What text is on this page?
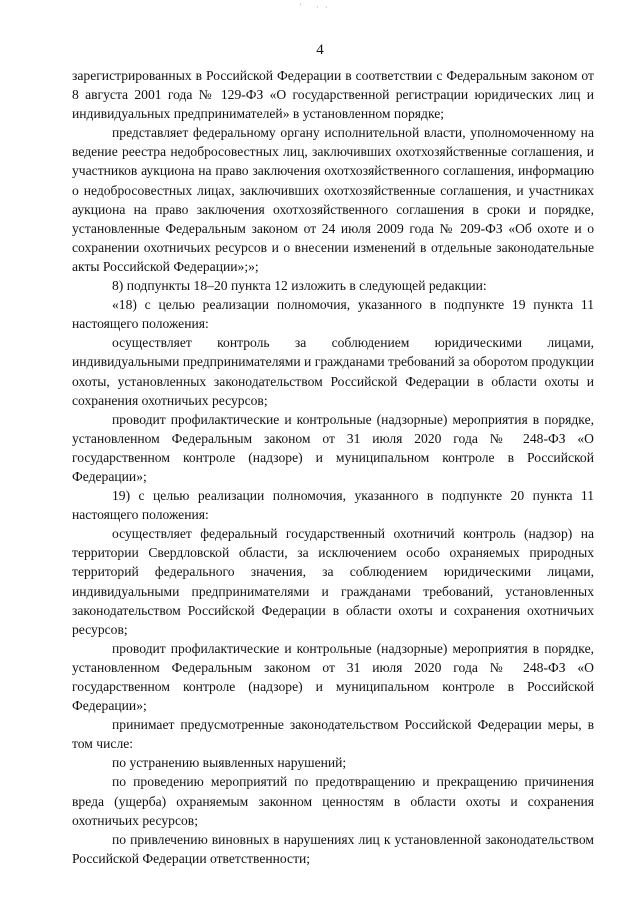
' ··
4

зарегистрированных в Российской Федерации в соответствии с Федеральным законом от 8 августа 2001 года № 129-ФЗ «О государственной регистрации юридических лиц и индивидуальных предпринимателей» в установленном порядке;

представляет федеральному органу исполнительной власти, уполномоченному на ведение реестра недобросовестных лиц, заключивших охотхозяйственные соглашения, и участников аукциона на право заключения охотхозяйственного соглашения, информацию о недобросовестных лицах, заключивших охотхозяйственные соглашения, и участниках аукциона на право заключения охотхозяйственного соглашения в сроки и порядке, установленные Федеральным законом от 24 июля 2009 года № 209-ФЗ «Об охоте и о сохранении охотничьих ресурсов и о внесении изменений в отдельные законодательные акты Российской Федерации»;»;

8) подпункты 18–20 пункта 12 изложить в следующей редакции:

«18) с целью реализации полномочия, указанного в подпункте 19 пункта 11 настоящего положения:

осуществляет контроль за соблюдением юридическими лицами, индивидуальными предпринимателями и гражданами требований за оборотом продукции охоты, установленных законодательством Российской Федерации в области охоты и сохранения охотничьих ресурсов;

проводит профилактические и контрольные (надзорные) мероприятия в порядке, установленном Федеральным законом от 31 июля 2020 года № 248-ФЗ «О государственном контроле (надзоре) и муниципальном контроле в Российской Федерации»;

19) с целью реализации полномочия, указанного в подпункте 20 пункта 11 настоящего положения:

осуществляет федеральный государственный охотничий контроль (надзор) на территории Свердловской области, за исключением особо охраняемых природных территорий федерального значения, за соблюдением юридическими лицами, индивидуальными предпринимателями и гражданами требований, установленных законодательством Российской Федерации в области охоты и сохранения охотничьих ресурсов;

проводит профилактические и контрольные (надзорные) мероприятия в порядке, установленном Федеральным законом от 31 июля 2020 года № 248-ФЗ «О государственном контроле (надзоре) и муниципальном контроле в Российской Федерации»;

принимает предусмотренные законодательством Российской Федерации меры, в том числе:

по устранению выявленных нарушений;

по проведению мероприятий по предотвращению и прекращению причинения вреда (ущерба) охраняемым законном ценностям в области охоты и сохранения охотничьих ресурсов;

по привлечению виновных в нарушениях лиц к установленной законодательством Российской Федерации ответственности;
